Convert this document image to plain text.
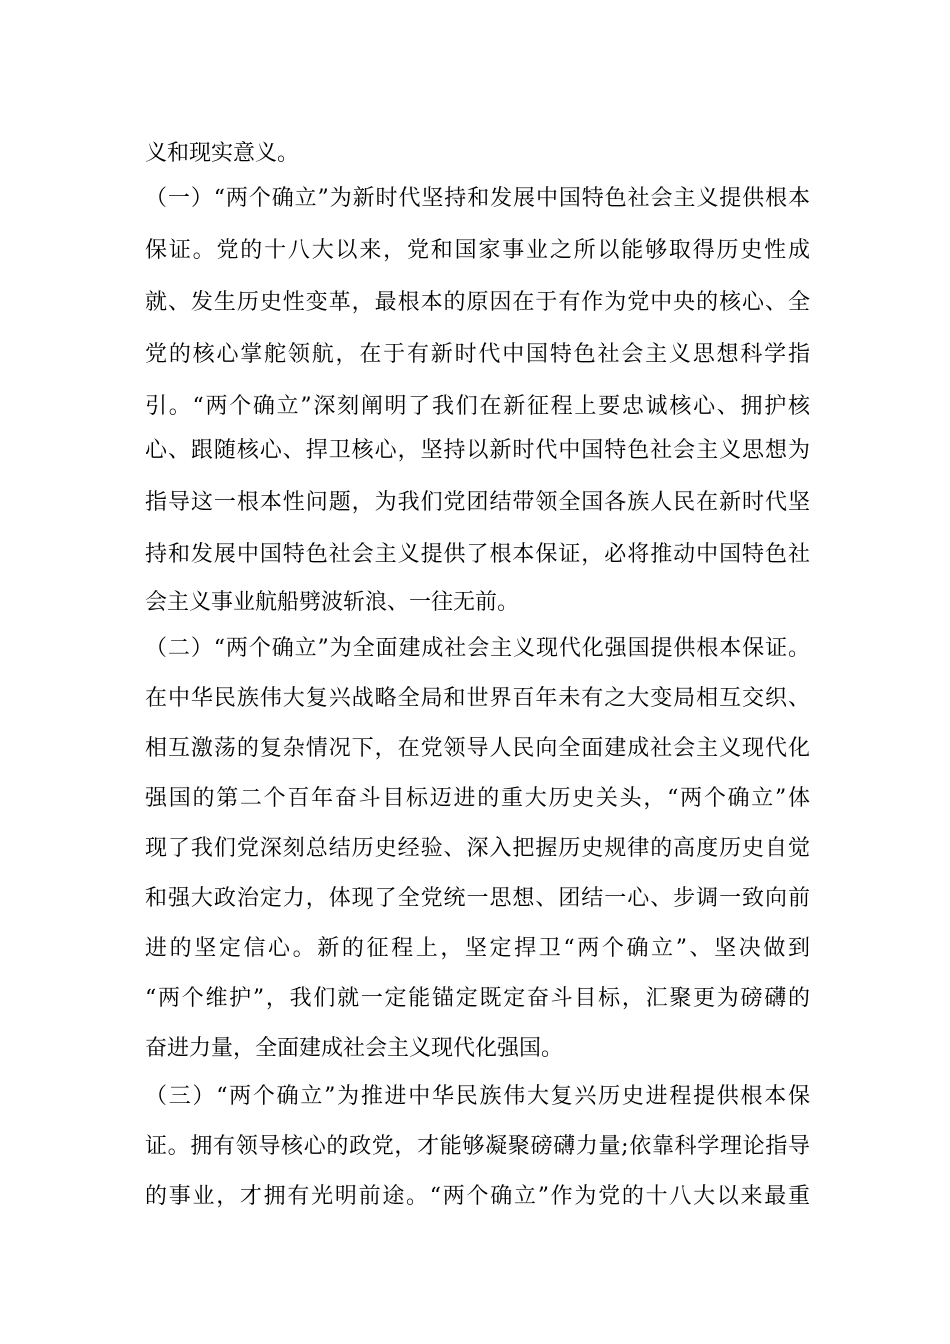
义和现实意义。
（一）“两个确立”为新时代坚持和发展中国特色社会主义提供根本
保证。党的十八大以来，党和国家事业之所以能够取得历史性成
就、发生历史性变革，最根本的原因在于有作为党中央的核心、全
党的核心掌舵领航，在于有新时代中国特色社会主义思想科学指
引。“两个确立”深刻阐明了我们在新征程上要忠诚核心、拥护核
心、跟随核心、捍卫核心，坚持以新时代中国特色社会主义思想为
指导这一根本性问题，为我们党团结带领全国各族人民在新时代坚
持和发展中国特色社会主义提供了根本保证，必将推动中国特色社
会主义事业航船劈波斩浪、一往无前。
（二）“两个确立”为全面建成社会主义现代化强国提供根本保证。
在中华民族伟大复兴战略全局和世界百年未有之大变局相互交织、
相互激荡的复杂情况下，在党领导人民向全面建成社会主义现代化
强国的第二个百年奋斗目标迈进的重大历史关头，“两个确立”体
现了我们党深刻总结历史经验、深入把握历史规律的高度历史自觉
和强大政治定力，体现了全党统一思想、团结一心、步调一致向前
进的坚定信心。新的征程上，坚定捍卫“两个确立”、坚决做到
“两个维护”，我们就一定能锚定既定奋斗目标，汇聚更为磅礴的
奋进力量，全面建成社会主义现代化强国。
（三）“两个确立”为推进中华民族伟大复兴历史进程提供根本保
证。拥有领导核心的政党，才能够凝聚磅礴力量;依靠科学理论指导
的事业，才拥有光明前途。“两个确立”作为党的十八大以来最重
